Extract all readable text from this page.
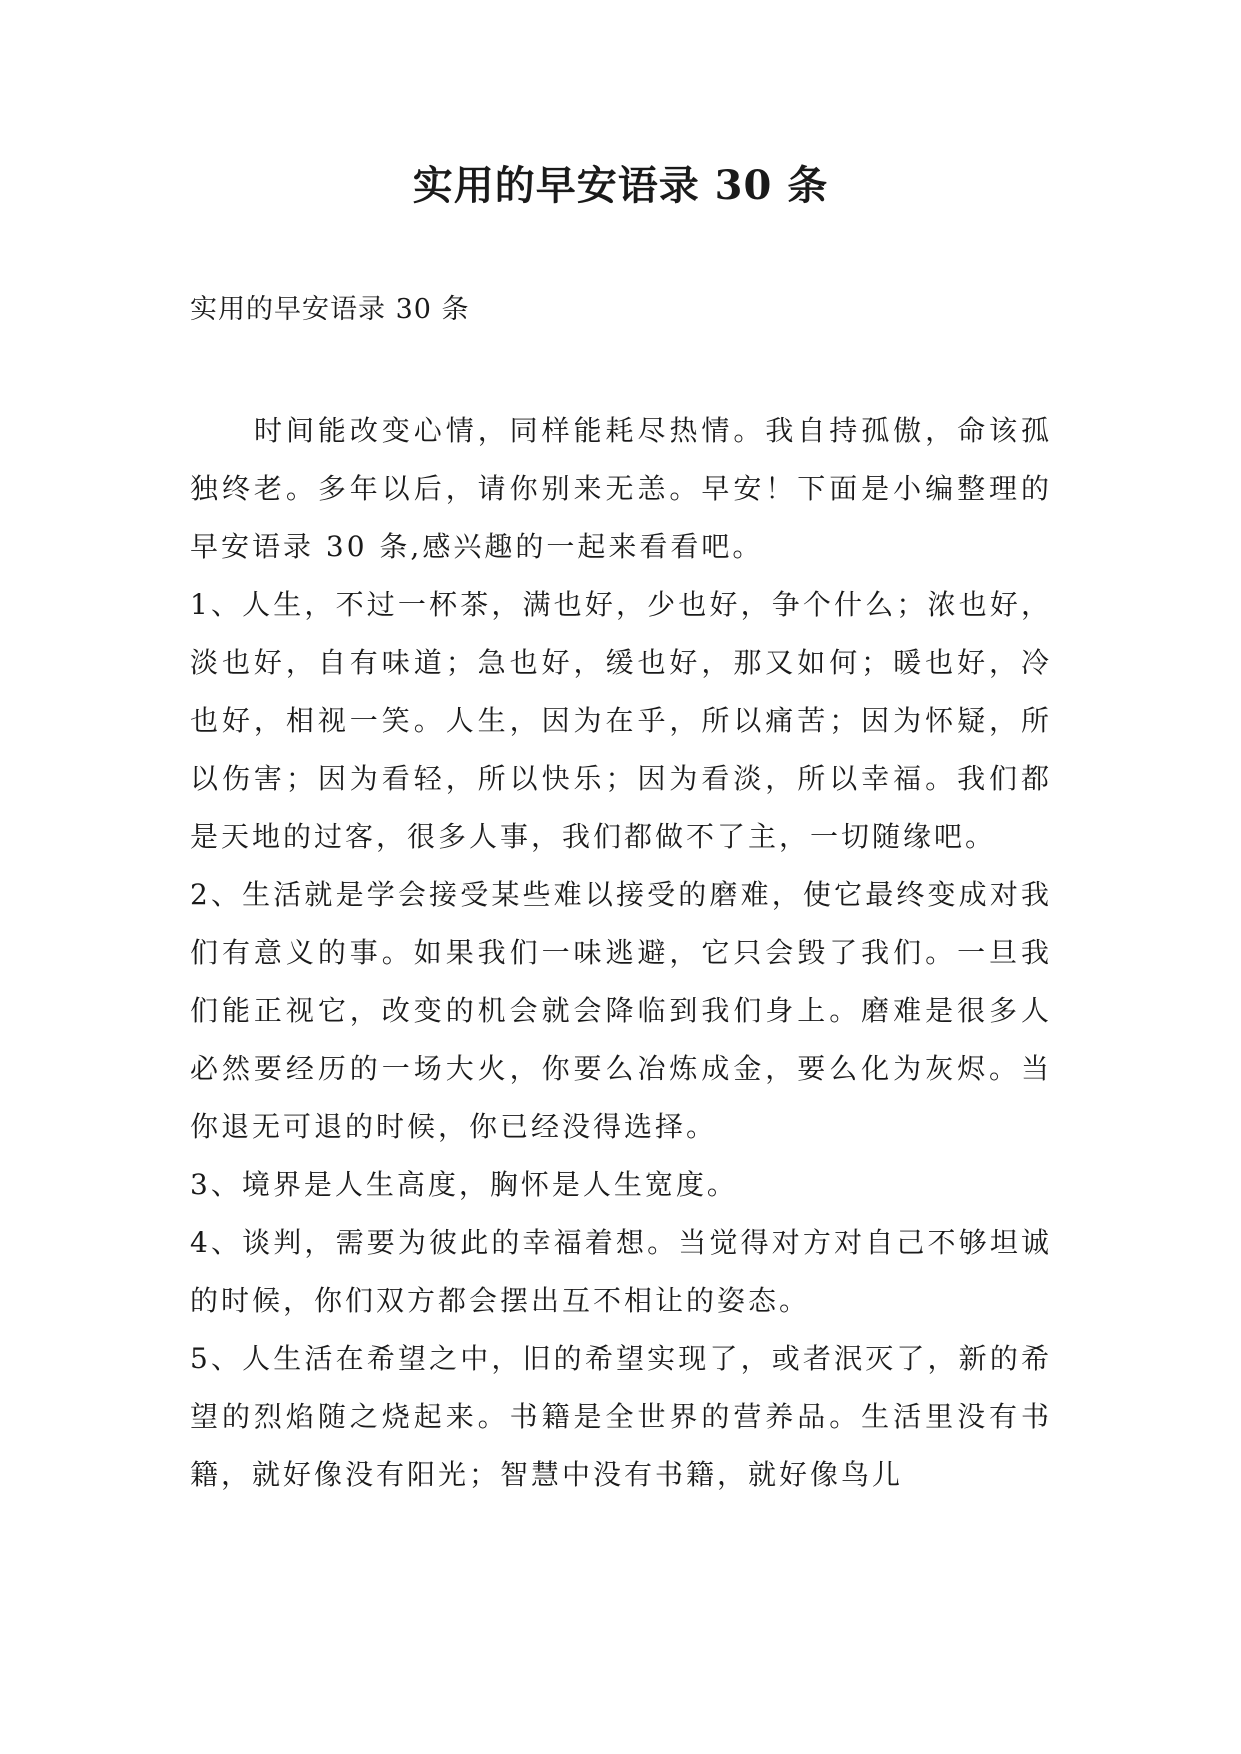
实用的早安语录 30 条

实用的早安语录 30 条

时间能改变心情，同样能耗尽热情。我自持孤傲，命该孤独终老。多年以后，请你别来无恙。早安！下面是小编整理的早安语录 30 条,感兴趣的一起来看看吧。

1、人生，不过一杯茶，满也好，少也好，争个什么；浓也好，淡也好，自有味道；急也好，缓也好，那又如何；暖也好，冷也好，相视一笑。人生，因为在乎，所以痛苦；因为怀疑，所以伤害；因为看轻，所以快乐；因为看淡，所以幸福。我们都是天地的过客，很多人事，我们都做不了主，一切随缘吧。

2、生活就是学会接受某些难以接受的磨难，使它最终变成对我们有意义的事。如果我们一味逃避，它只会毁了我们。一旦我们能正视它，改变的机会就会降临到我们身上。磨难是很多人必然要经历的一场大火，你要么冶炼成金，要么化为灰烬。当你退无可退的时候，你已经没得选择。

3、境界是人生高度，胸怀是人生宽度。

4、谈判，需要为彼此的幸福着想。当觉得对方对自己不够坦诚的时候，你们双方都会摆出互不相让的姿态。

5、人生活在希望之中，旧的希望实现了，或者泯灭了，新的希望的烈焰随之烧起来。书籍是全世界的营养品。生活里没有书籍，就好像没有阳光；智慧中没有书籍，就好像鸟儿
